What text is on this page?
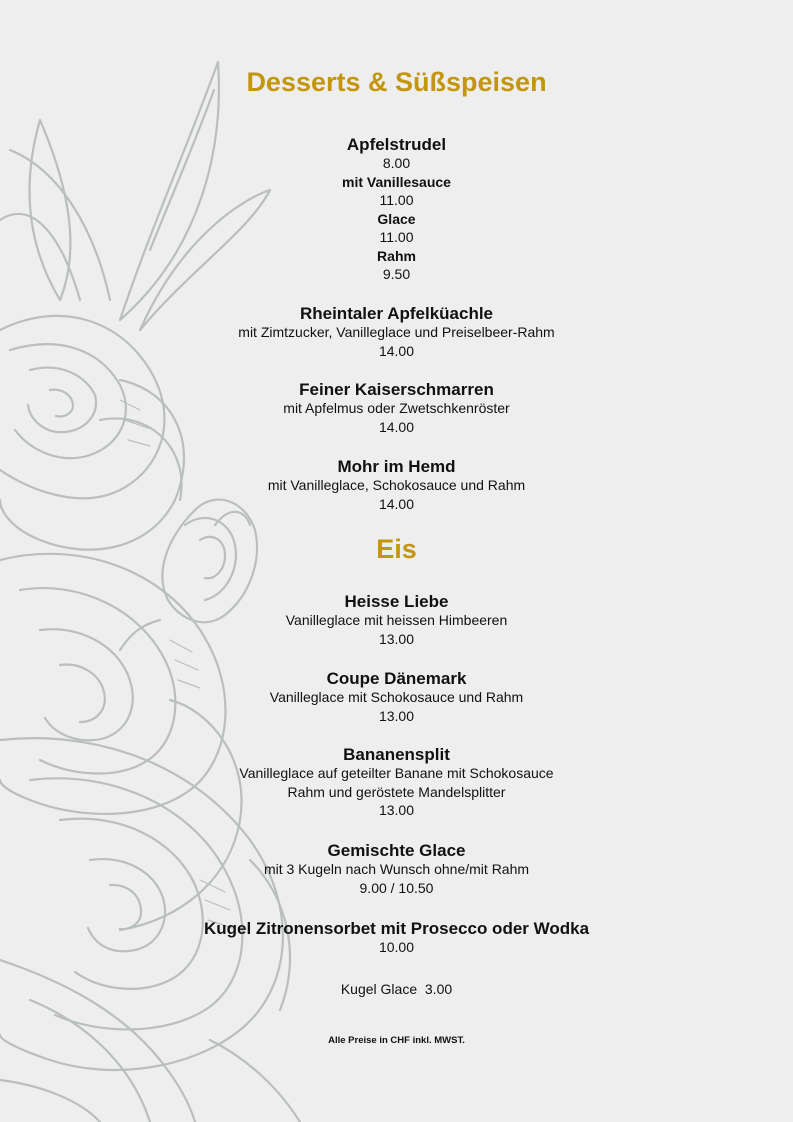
Desserts & Süßspeisen
Apfelstrudel
8.00
mit Vanillesauce
11.00
Glace
11.00
Rahm
9.50
Rheintaler Apfelküachle
mit Zimtzucker, Vanilleglace und Preiselbeer-Rahm
14.00
Feiner Kaiserschmarren
mit Apfelmus oder Zwetschkenröster
14.00
Mohr im Hemd
mit Vanilleglace, Schokosauce und Rahm
14.00
Eis
Heisse Liebe
Vanilleglace mit heissen Himbeeren
13.00
Coupe Dänemark
Vanilleglace mit Schokosauce und Rahm
13.00
Bananensplit
Vanilleglace auf geteilter Banane mit Schokosauce
Rahm und geröstete Mandelsplitter
13.00
Gemischte Glace
mit 3 Kugeln nach Wunsch ohne/mit Rahm
9.00 / 10.50
Kugel Zitronensorbet mit Prosecco oder Wodka
10.00
Kugel Glace  3.00
Alle Preise in CHF inkl. MWST.
